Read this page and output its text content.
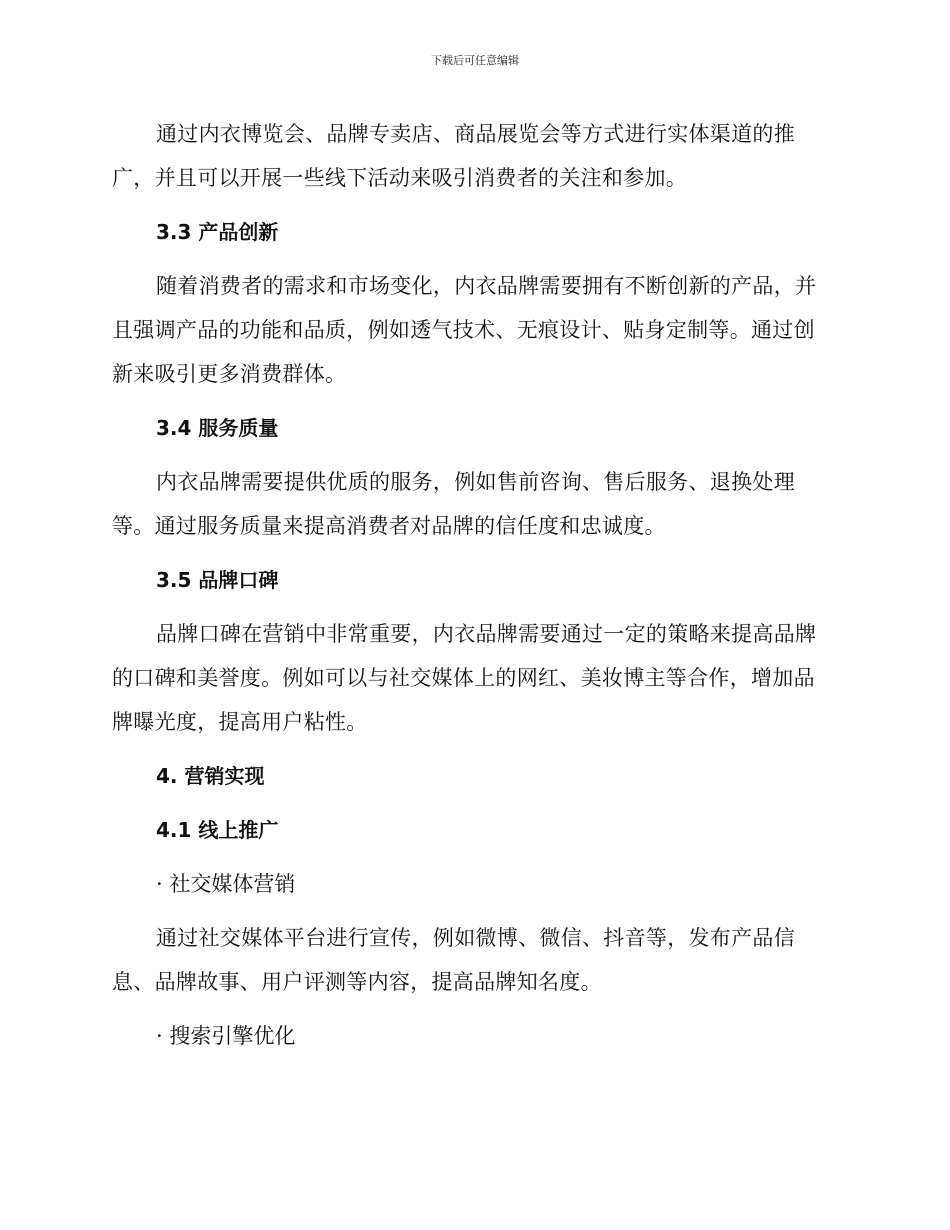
下载后可任意编辑

通过内衣博览会、品牌专卖店、商品展览会等方式进行实体渠道的推广，并且可以开展一些线下活动来吸引消费者的关注和参加。

3.3 产品创新

随着消费者的需求和市场变化，内衣品牌需要拥有不断创新的产品，并且强调产品的功能和品质，例如透气技术、无痕设计、贴身定制等。通过创新来吸引更多消费群体。

3.4 服务质量

内衣品牌需要提供优质的服务，例如售前咨询、售后服务、退换处理等。通过服务质量来提高消费者对品牌的信任度和忠诚度。

3.5 品牌口碑

品牌口碑在营销中非常重要，内衣品牌需要通过一定的策略来提高品牌的口碑和美誉度。例如可以与社交媒体上的网红、美妆博主等合作，增加品牌曝光度，提高用户粘性。

4. 营销实现

4.1 线上推广

· 社交媒体营销

通过社交媒体平台进行宣传，例如微博、微信、抖音等，发布产品信息、品牌故事、用户评测等内容，提高品牌知名度。

· 搜索引擎优化
